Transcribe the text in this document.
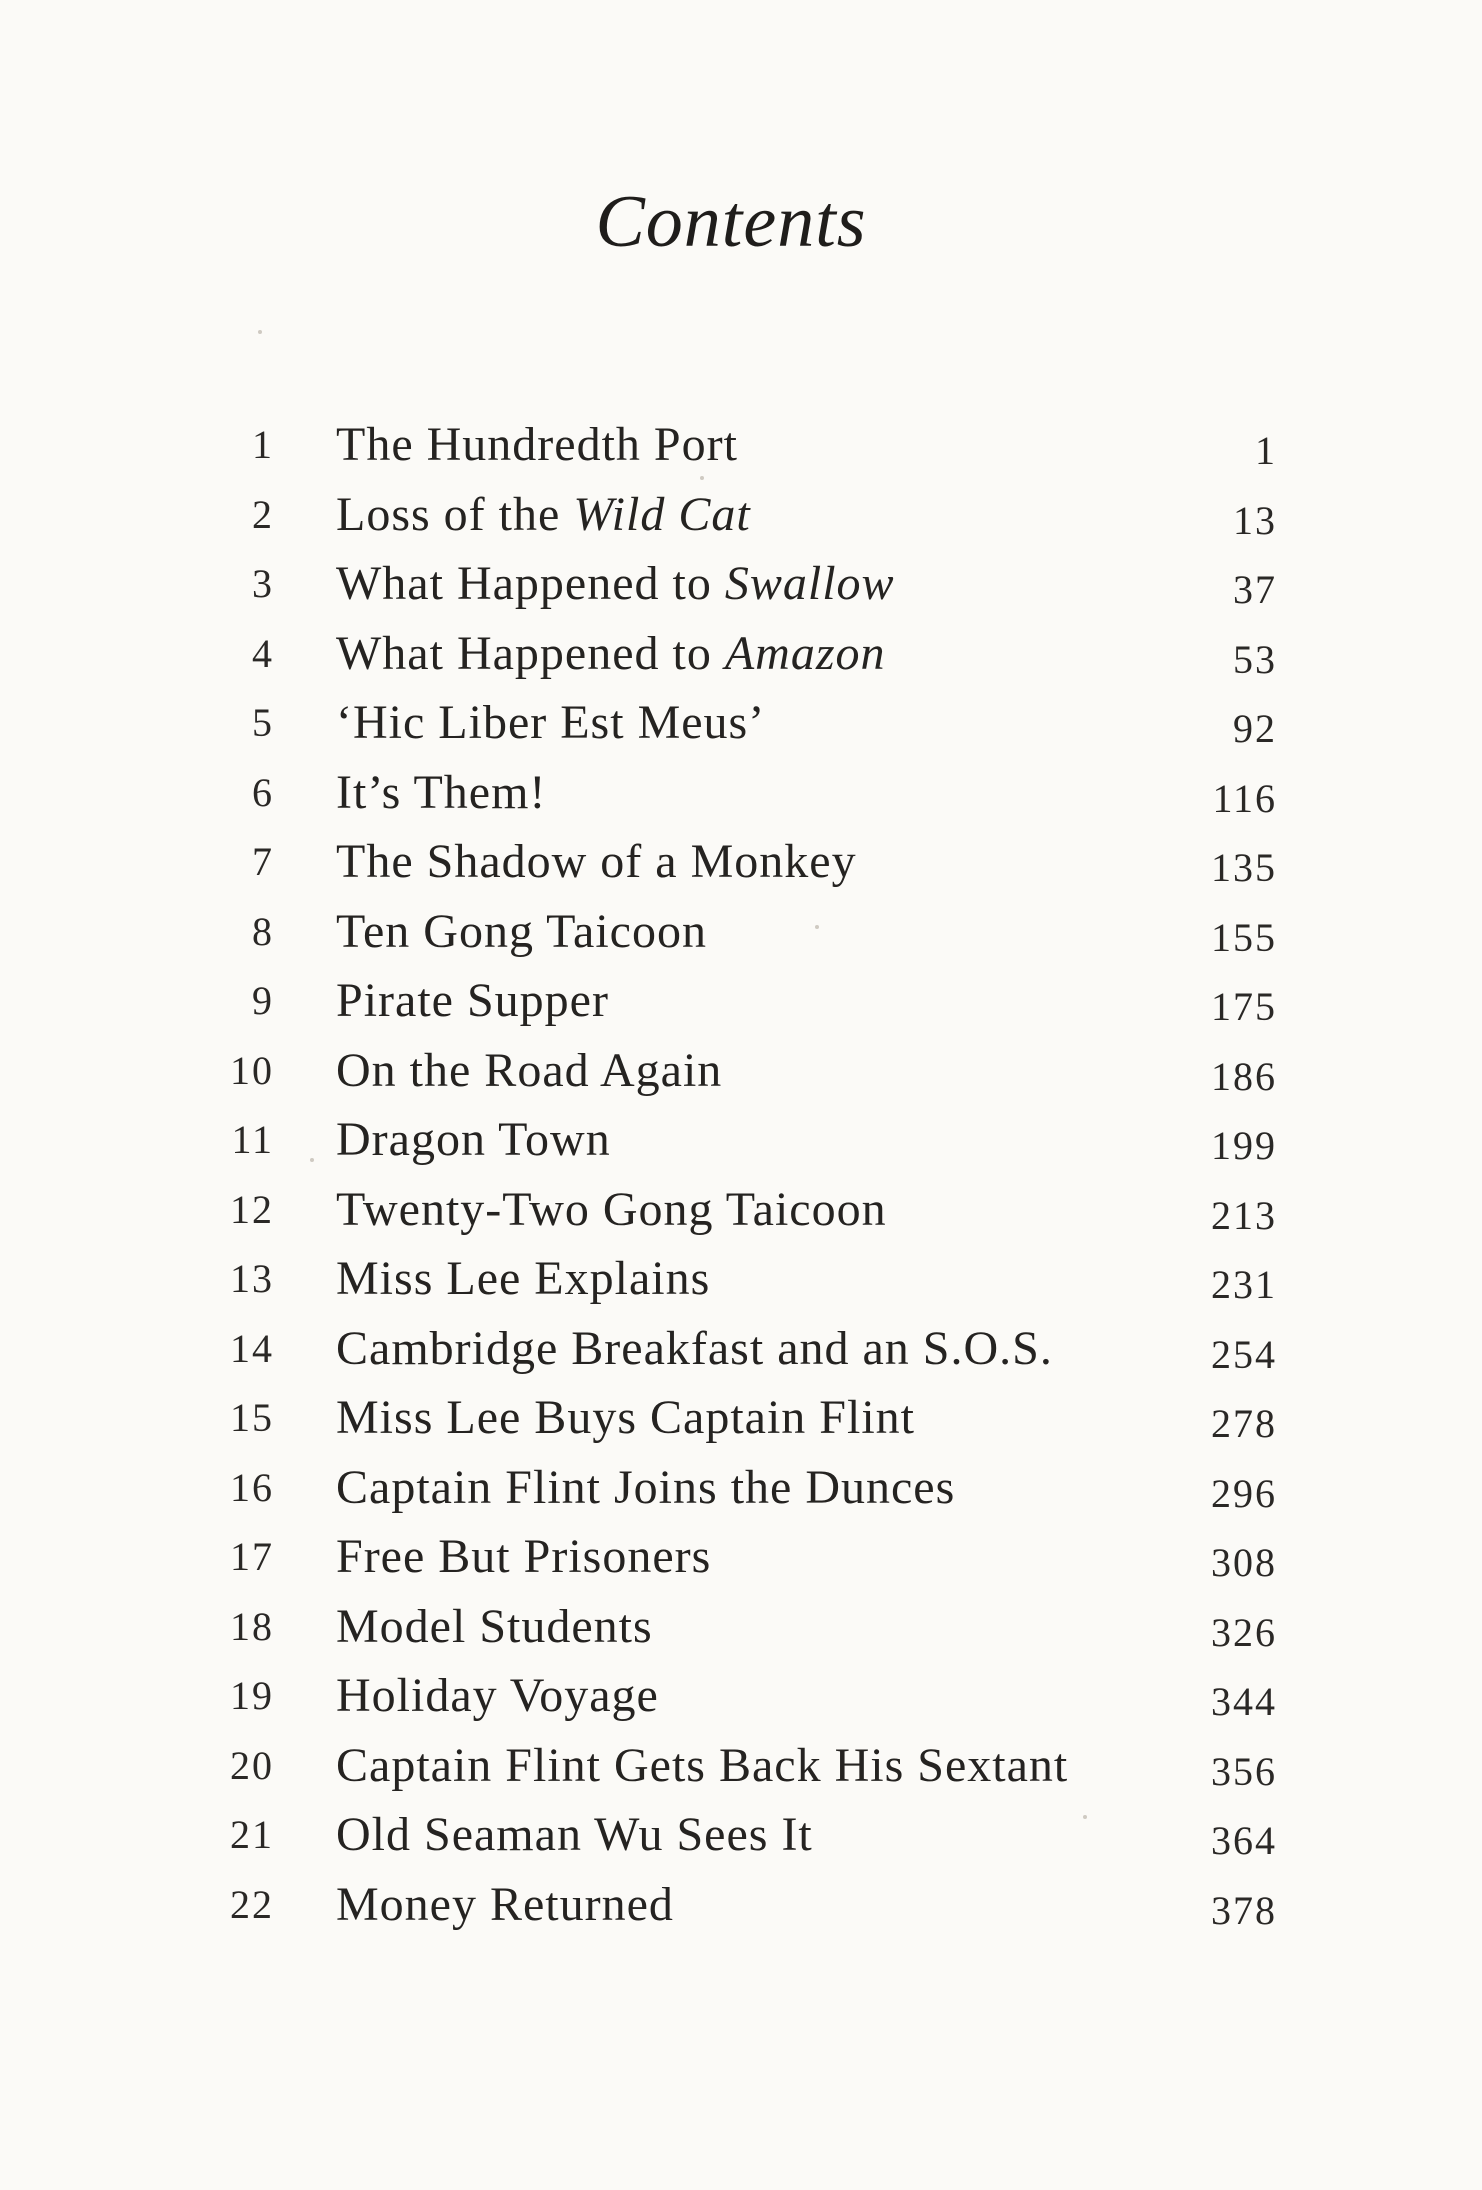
Contents
1 The Hundredth Port	1
2 Loss of the Wild Cat	13
3 What Happened to Swallow	37
4 What Happened to Amazon	53
5 ‘Hic Liber Est Meus’	92
6 It’s Them!	116
7 The Shadow of a Monkey	135
8 Ten Gong Taicoon	155
9 Pirate Supper	175
10 On the Road Again	186
11 Dragon Town	199
12 Twenty-Two Gong Taicoon	213
13 Miss Lee Explains	231
14 Cambridge Breakfast and an S.O.S.	254
15 Miss Lee Buys Captain Flint	278
16 Captain Flint Joins the Dunces	296
17 Free But Prisoners	308
18 Model Students	326
19 Holiday Voyage	344
20 Captain Flint Gets Back His Sextant	356
21 Old Seaman Wu Sees It	364
22 Money Returned	378
